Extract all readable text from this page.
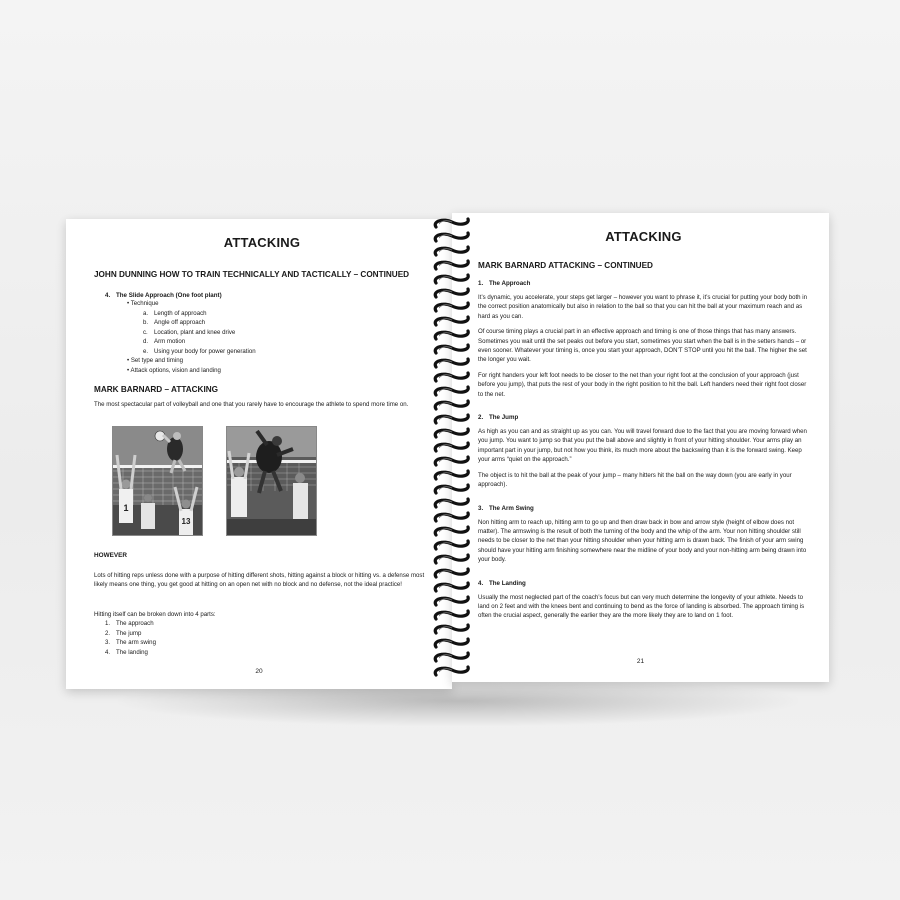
ATTACKING
JOHN DUNNING HOW TO TRAIN TECHNICALLY AND TACTICALLY – CONTINUED
4. The Slide Approach (One foot plant)
• Technique
a. Length of approach
b. Angle off approach
c. Location, plant and knee drive
d. Arm motion
e. Using your body for power generation
• Set type and timing
• Attack options, vision and landing
MARK BARNARD – ATTACKING

The most spectacular part of volleyball and one that you rarely have to encourage the athlete to spend more time on.

1
13
HOWEVER

Lots of hitting reps unless done with a purpose of hitting different shots, hitting against a block or hitting vs. a defense most likely means one thing, you get good at hitting on an open net with no block and no defense, not the ideal practice!

Hitting itself can be broken down into 4 parts:

1. The approach
2. The jump
3. The arm swing
4. The landing
20
ATTACKING
MARK BARNARD ATTACKING – CONTINUED
1. The Approach

It’s dynamic, you accelerate, your steps get larger – however you want to phrase it, it’s crucial for putting your body both in the correct position anatomically but also in relation to the ball so that you can hit the ball at your maximum reach and as hard as you can.

Of course timing plays a crucial part in an effective approach and timing is one of those things that has many answers. Sometimes you wait until the set peaks out before you start, sometimes you start when the ball is in the setters hands – or even sooner. Whatever your timing is, once you start your approach, DON’T STOP until you hit the ball. The higher the set the longer you wait.

For right handers your left foot needs to be closer to the net than your right foot at the conclusion of your approach (just before you jump), that puts the rest of your body in the right position to hit the ball. Left handers need their right foot closer to the net.

2. The Jump

As high as you can and as straight up as you can. You will travel forward due to the fact that you are moving forward when you jump. You want to jump so that you put the ball above and slightly in front of your hitting shoulder. Your arms play an important part in your jump, but not how you think, its much more about the backswing than it is the forward swing. Keep your arms “quiet on the approach.”

The object is to hit the ball at the peak of your jump – many hitters hit the ball on the way down (you are early in your approach).

3. The Arm Swing

Non hitting arm to reach up, hitting arm to go up and then draw back in bow and arrow style (height of elbow does not matter). The armswing is the result of both the turning of the body and the whip of the arm. Your non hitting shoulder still needs to be closer to the net than your hitting shoulder when your hitting arm is drawn back. The finish of your arm swing should have your hitting arm finishing somewhere near the midline of your body and your non-hitting arm being drawn into your body.

4. The Landing

Usually the most neglected part of the coach’s focus but can very much determine the longevity of your athlete. Needs to land on 2 feet and with the knees bent and continuing to bend as the force of landing is absorbed. The approach timing is often the crucial aspect, generally the earlier they are the more likely they are to land on 1 foot.

21
